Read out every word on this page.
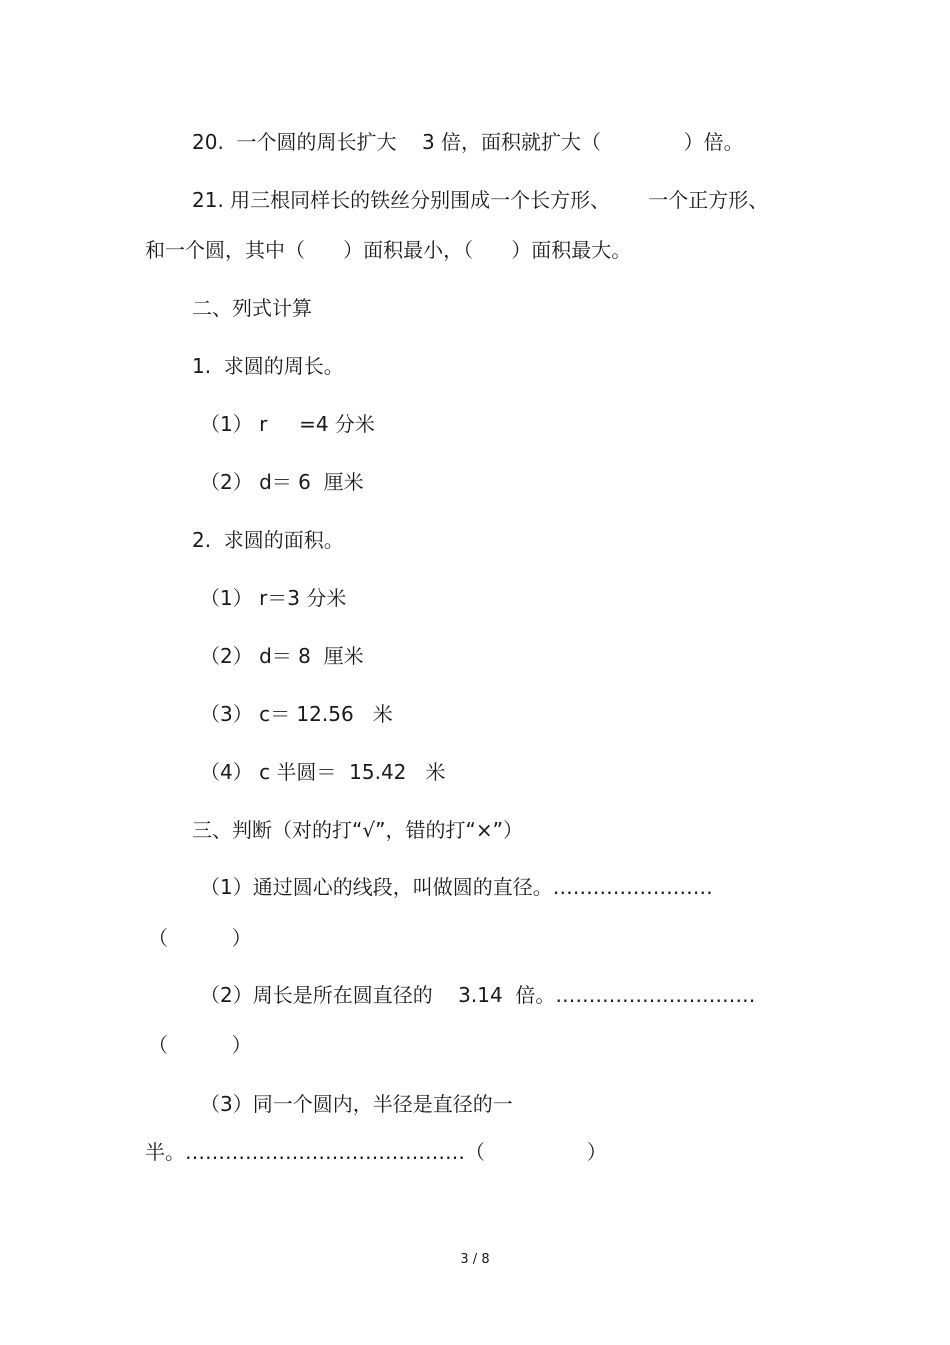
20.  一个圆的周长扩大    3 倍，面积就扩大（             ）倍。
21. 用三根同样长的铁丝分别围成一个长方形、      一个正方形、
和一个圆，其中（      ）面积最小，（      ）面积最大。
二、列式计算
1.  求圆的周长。
（1） r     =4 分米
（2） d＝ 6  厘米
2.  求圆的面积。
（1） r＝3 分米
（2） d＝ 8  厘米
（3） c＝ 12.56   米
（4） c 半圆＝  15.42   米
三、判断（对的打“√”，错的打“×”）
（1）通过圆心的线段，叫做圆的直径。……………………
（          ）
（2）周长是所在圆直径的    3.14  倍。…………………………
（          ）
（3）同一个圆内，半径是直径的一
半。……………………………………（                ）
3 / 8
